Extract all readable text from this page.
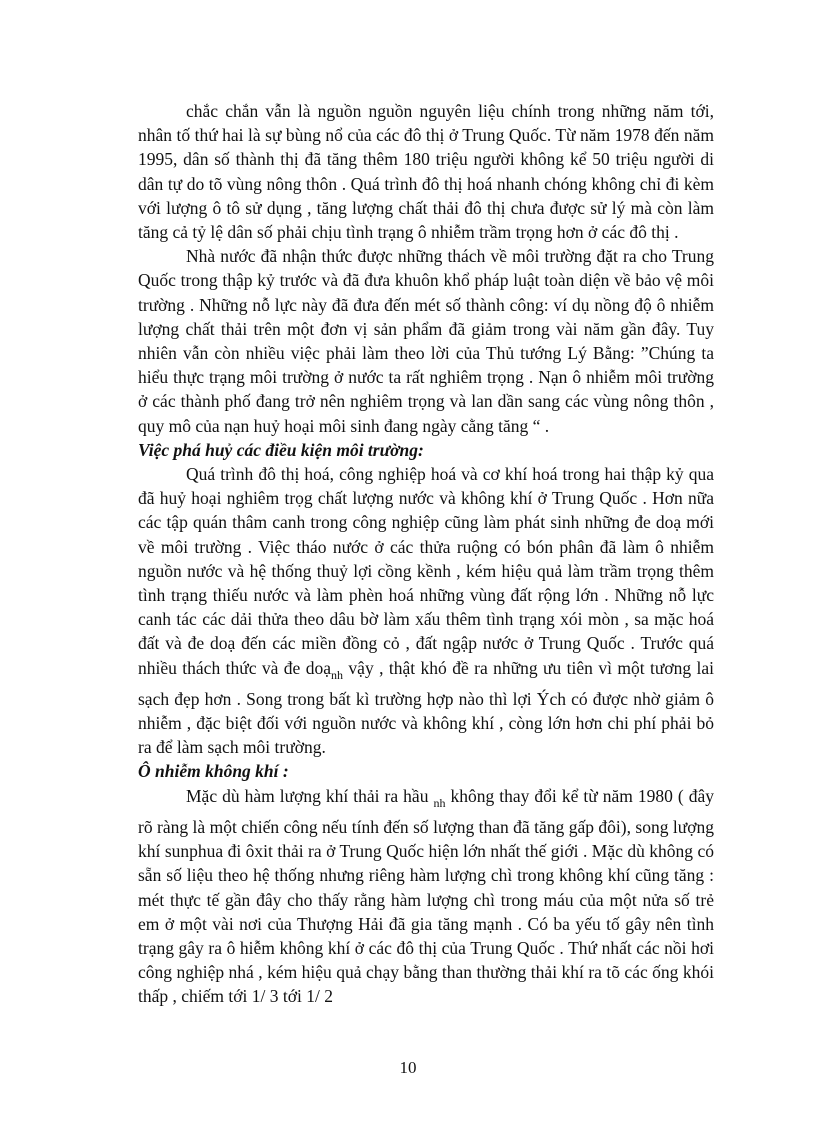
chắc chắn vẫn là nguồn nguồn nguyên liệu chính trong những năm tới, nhân tố thứ hai là sự bùng nổ của các đô thị ở Trung Quốc. Từ năm 1978 đến năm 1995, dân số thành thị đã tăng thêm 180 triệu người không kể 50 triệu người di dân tự do tõ vùng nông thôn . Quá trình đô thị hoá nhanh chóng không chỉ đi kèm với lượng ô tô sử dụng , tăng lượng chất thải đô thị chưa được sử lý mà còn làm tăng cả tỷ lệ dân số phải chịu tình trạng ô nhiễm trầm trọng hơn ở các đô thị .

Nhà nước đã nhận thức được những thách về môi trường đặt ra cho Trung Quốc trong thập kỷ trước và đã đưa khuôn khổ pháp luật toàn diện về bảo vệ môi trường . Những nỗ lực này đã đưa đến mét số thành công: ví dụ nồng độ ô nhiễm lượng chất thải trên một đơn vị sản phẩm đã giảm trong vài năm gần đây. Tuy nhiên vẫn còn nhiều việc phải làm theo lời của Thủ tướng Lý Bằng: ”Chúng ta hiểu thực trạng môi trường ở nước ta rất nghiêm trọng . Nạn ô nhiễm môi trường ở các thành phố đang trở nên nghiêm trọng và lan dần sang các vùng nông thôn , quy mô của nạn huỷ hoại môi sinh đang ngày cằng tăng “ .

Việc phá huỷ các điều kiện môi trường:

Quá trình đô thị hoá, công nghiệp hoá và cơ khí hoá trong hai thập kỷ qua đã huỷ hoại nghiêm trọg chất lượng nước và không khí ở Trung Quốc . Hơn nữa các tập quán thâm canh trong công nghiệp cũng làm phát sinh những đe doạ mới về môi trường . Việc tháo nước ở các thửa ruộng có bón phân đã làm ô nhiễm nguồn nước và hệ thống thuỷ lợi cồng kềnh , kém hiệu quả làm trầm trọng thêm tình trạng thiếu nước và làm phèn hoá những vùng đất rộng lớn . Những nỗ lực canh tác các dải thửa theo dâu bờ làm xấu thêm tình trạng xói mòn , sa mặc hoá đất và đe doạ đến các miền đồng cỏ , đất ngập nước ở Trung Quốc . Trước quá nhiều thách thức và đe doạ$_{nh}$ vậy , thật khó đề ra những ưu tiên vì một tương lai sạch đẹp hơn . Song trong bất kì trường hợp nào thì lợi Ých có được nhờ giảm ô nhiễm , đặc biệt đối với nguồn nước và không khí , còng lớn hơn chi phí phải bỏ ra để làm sạch môi trường.

Ô nhiễm không khí :

Mặc dù hàm lượng khí thải ra hầu $_{nh}$ không thay đổi kể từ năm 1980 ( đây rõ ràng là một chiến công nếu tính đến số lượng than đã tăng gấp đôi), song lượng khí sunphua đi ôxit thải ra ở Trung Quốc hiện lớn nhất thế giới . Mặc dù không có sẵn số liệu theo hệ thống nhưng riêng hàm lượng chì trong không khí cũng tăng : mét thực tế gần đây cho thấy rằng hàm lượng chì trong máu của một nửa số trẻ em ở một vài nơi của Thượng Hải đã gia tăng mạnh . Có ba yếu tố gây nên tình trạng gây ra ô hiễm không khí ở các đô thị của Trung Quốc . Thứ nhất các nồi hơi công nghiệp nhá , kém hiệu quả chạy bằng than thường thải khí ra tõ các ống khói thấp , chiếm tới 1/ 3 tới 1/ 2

10
